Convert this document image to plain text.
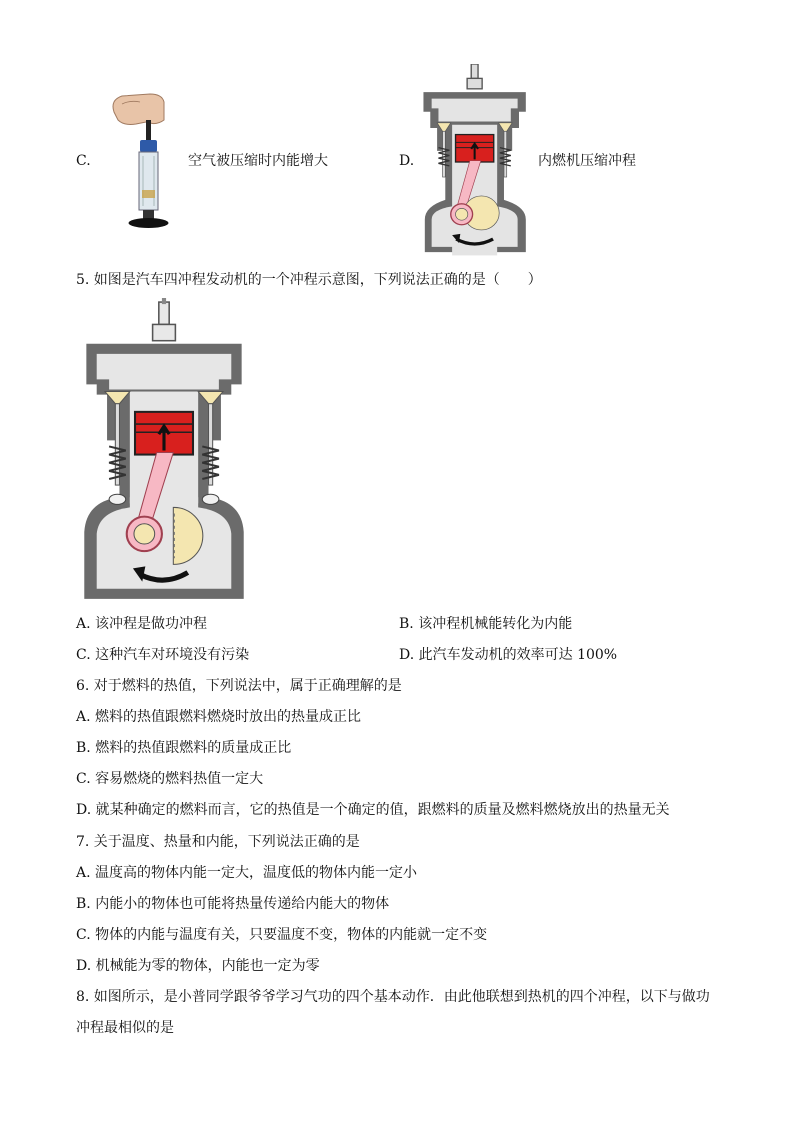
C.	空气被压缩时内能增大	D.	内燃机压缩冲程
5. 如图是汽车四冲程发动机的一个冲程示意图，下列说法正确的是（　　）
A. 该冲程是做功冲程	B. 该冲程机械能转化为内能
C. 这种汽车对环境没有污染	D. 此汽车发动机的效率可达 100%
6. 对于燃料的热值，下列说法中，属于正确理解的是
A. 燃料的热值跟燃料燃烧时放出的热量成正比
B. 燃料的热值跟燃料的质量成正比
C. 容易燃烧的燃料热值一定大
D. 就某种确定的燃料而言，它的热值是一个确定的值，跟燃料的质量及燃料燃烧放出的热量无关
7. 关于温度、热量和内能，下列说法正确的是
A. 温度高的物体内能一定大，温度低的物体内能一定小
B. 内能小的物体也可能将热量传递给内能大的物体
C. 物体的内能与温度有关，只要温度不变，物体的内能就一定不变
D. 机械能为零的物体，内能也一定为零
8. 如图所示，是小普同学跟爷爷学习气功的四个基本动作．由此他联想到热机的四个冲程，以下与做功
冲程最相似的是
